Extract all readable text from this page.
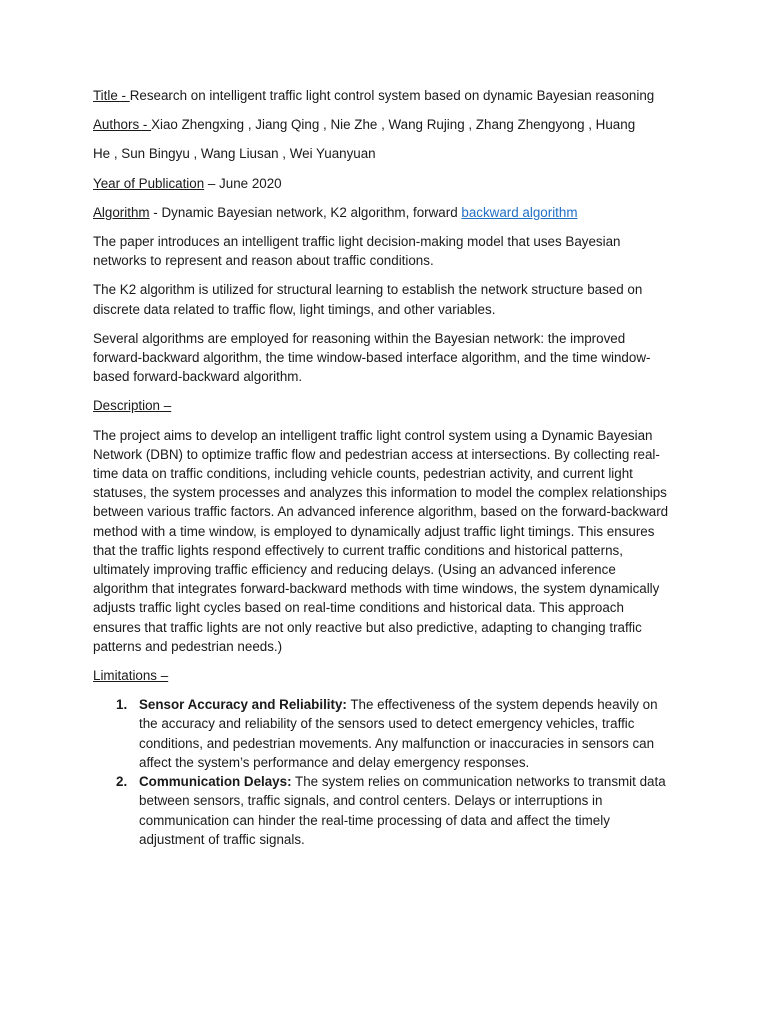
Title - Research on intelligent traffic light control system based on dynamic Bayesian reasoning

Authors - Xiao Zhengxing , Jiang Qing , Nie Zhe , Wang Rujing , Zhang Zhengyong , Huang

He , Sun Bingyu , Wang Liusan , Wei Yuanyuan

Year of Publication – June 2020

Algorithm - Dynamic Bayesian network, K2 algorithm, forward backward algorithm

The paper introduces an intelligent traffic light decision-making model that uses Bayesian networks to represent and reason about traffic conditions.

The K2 algorithm is utilized for structural learning to establish the network structure based on discrete data related to traffic flow, light timings, and other variables.

Several algorithms are employed for reasoning within the Bayesian network: the improved forward-backward algorithm, the time window-based interface algorithm, and the time window-based forward-backward algorithm.

Description –

The project aims to develop an intelligent traffic light control system using a Dynamic Bayesian Network (DBN) to optimize traffic flow and pedestrian access at intersections. By collecting real-time data on traffic conditions, including vehicle counts, pedestrian activity, and current light statuses, the system processes and analyzes this information to model the complex relationships between various traffic factors. An advanced inference algorithm, based on the forward-backward method with a time window, is employed to dynamically adjust traffic light timings. This ensures that the traffic lights respond effectively to current traffic conditions and historical patterns, ultimately improving traffic efficiency and reducing delays. (Using an advanced inference algorithm that integrates forward-backward methods with time windows, the system dynamically adjusts traffic light cycles based on real-time conditions and historical data. This approach ensures that traffic lights are not only reactive but also predictive, adapting to changing traffic patterns and pedestrian needs.)

Limitations –

1. Sensor Accuracy and Reliability: The effectiveness of the system depends heavily on the accuracy and reliability of the sensors used to detect emergency vehicles, traffic conditions, and pedestrian movements. Any malfunction or inaccuracies in sensors can affect the system’s performance and delay emergency responses.
2. Communication Delays: The system relies on communication networks to transmit data between sensors, traffic signals, and control centers. Delays or interruptions in communication can hinder the real-time processing of data and affect the timely adjustment of traffic signals.
